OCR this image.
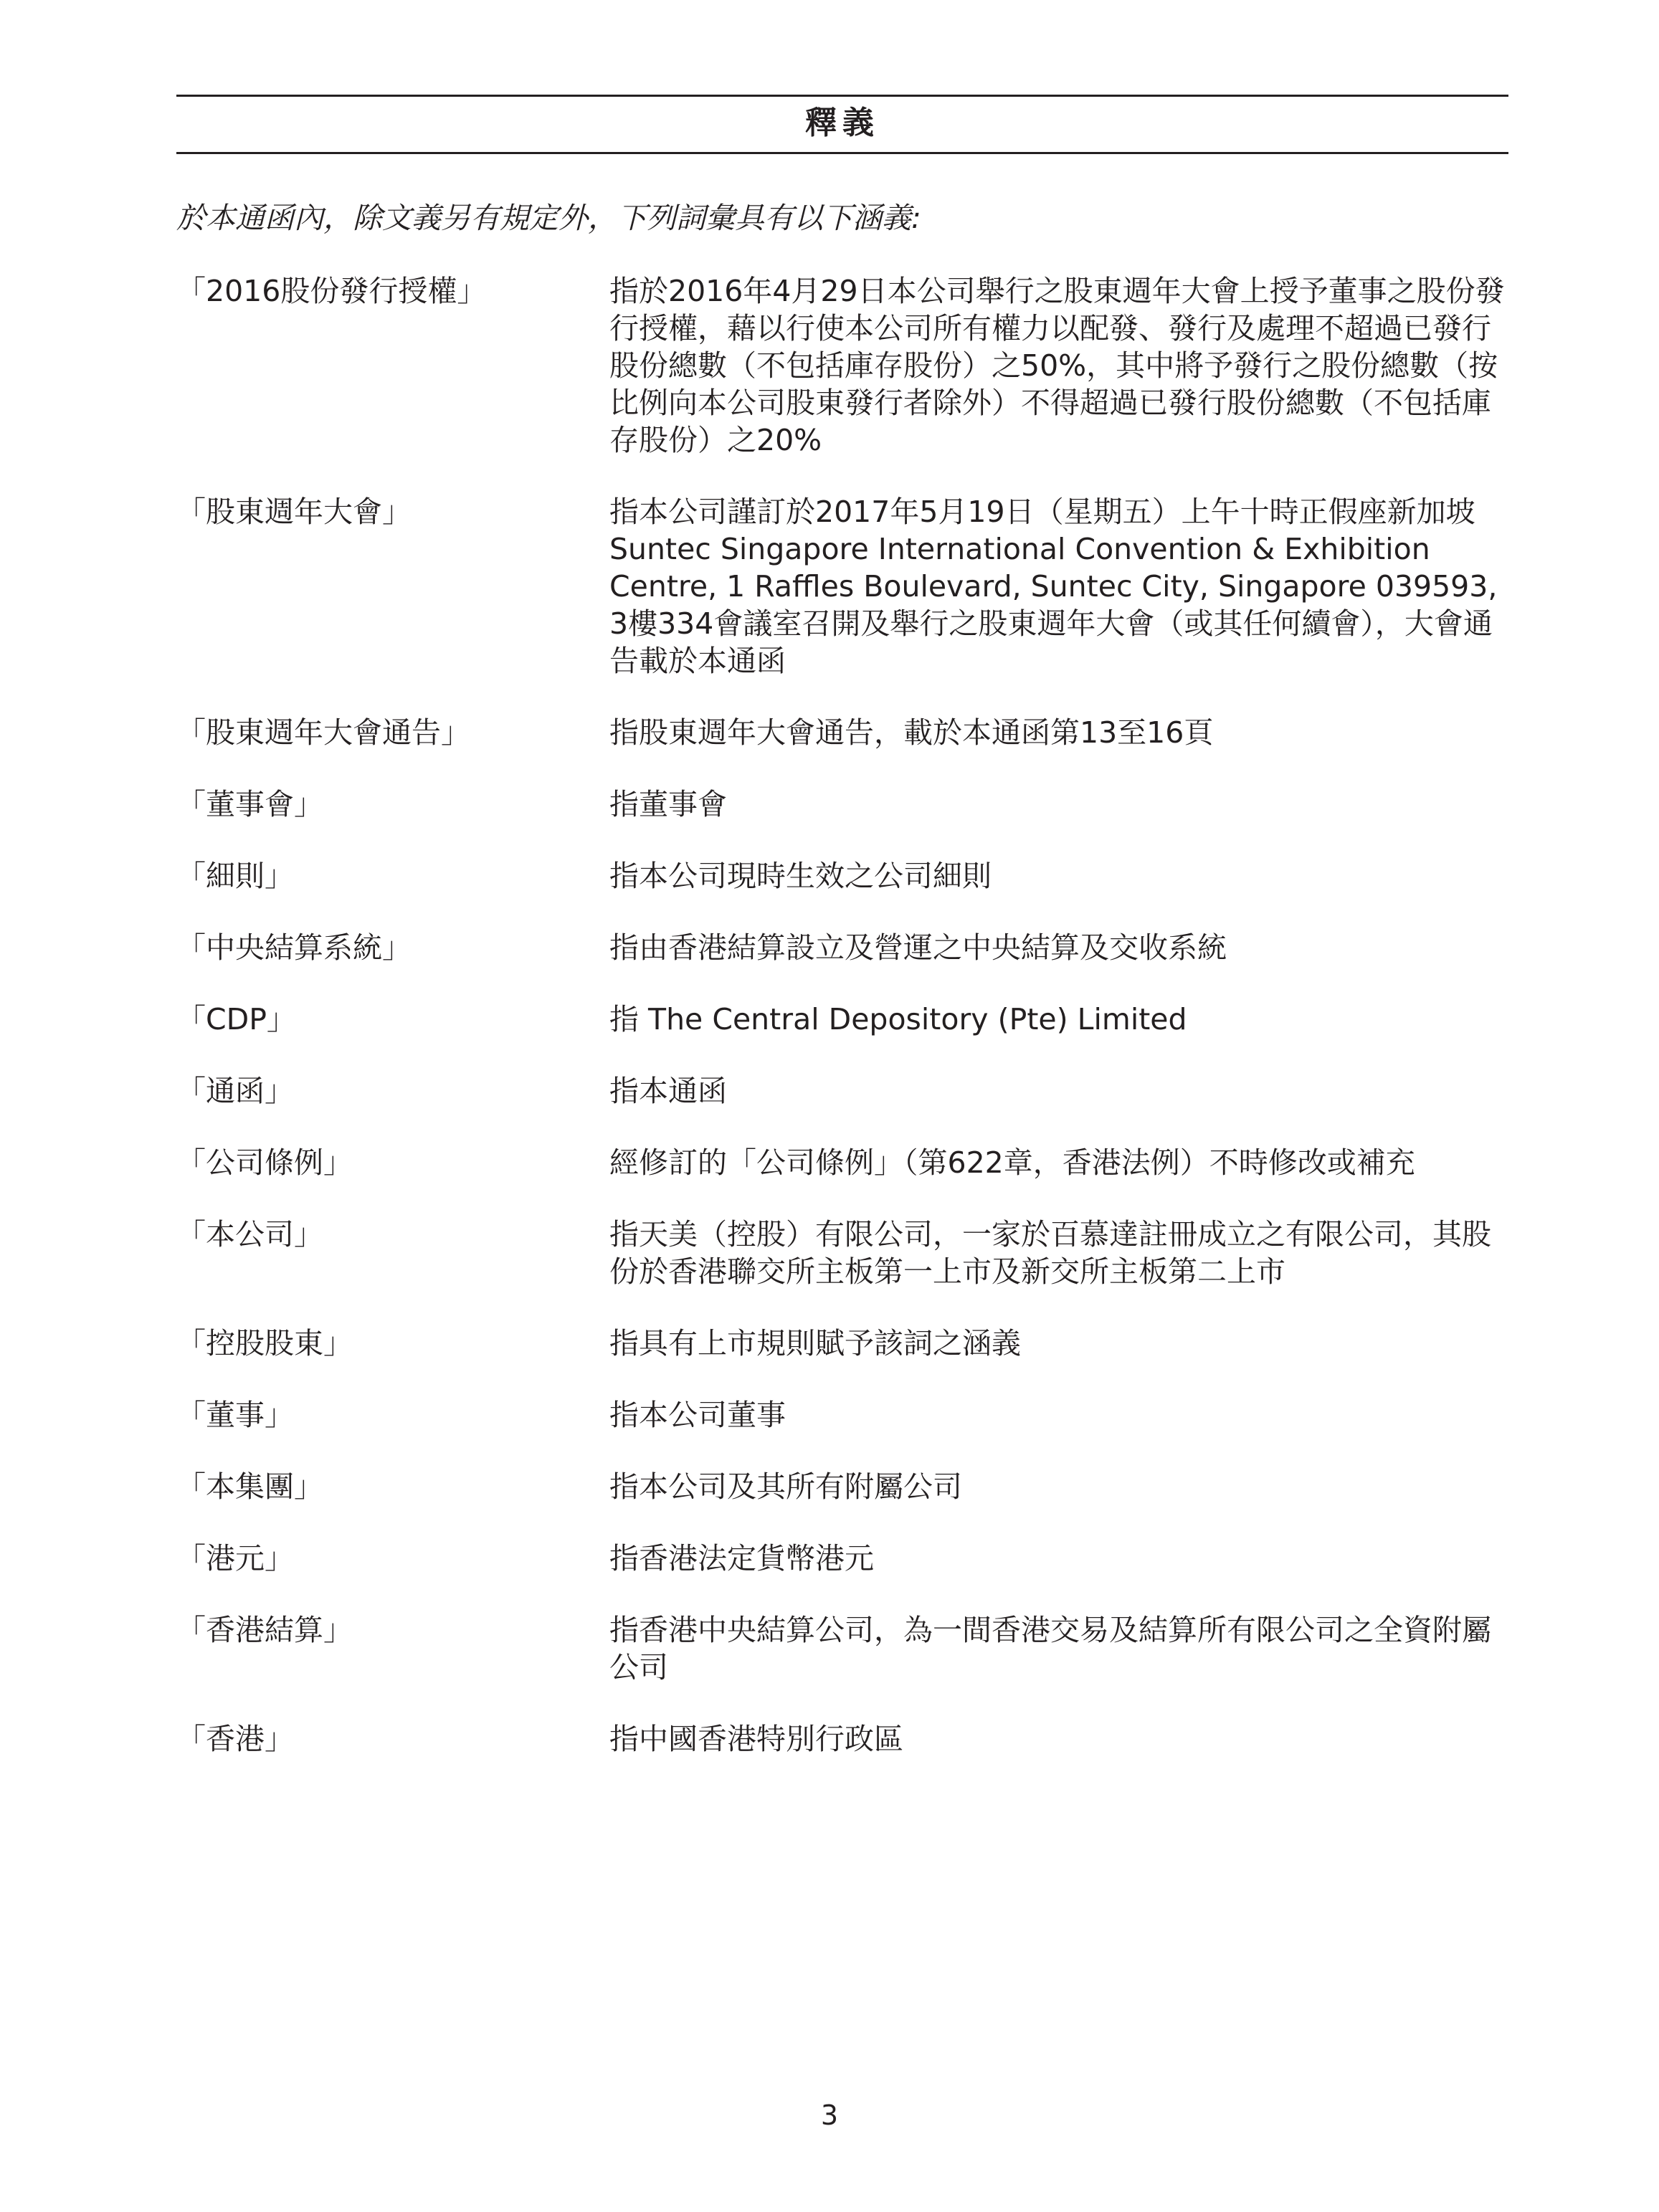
釋義
於本通函內，除文義另有規定外，下列詞彙具有以下涵義:
「2016股份發行授權」	指於2016年4月29日本公司舉行之股東週年大會上授予董事之股份發行授權，藉以行使本公司所有權力以配發、發行及處理不超過已發行股份總數（不包括庫存股份）之50%，其中將予發行之股份總數（按比例向本公司股東發行者除外）不得超過已發行股份總數（不包括庫存股份）之20%
「股東週年大會」	指本公司謹訂於2017年5月19日（星期五）上午十時正假座新加坡 Suntec Singapore International Convention & Exhibition Centre, 1 Raffles Boulevard, Suntec City, Singapore 039593, 3樓334會議室召開及舉行之股東週年大會（或其任何續會），大會通告載於本通函
「股東週年大會通告」	指股東週年大會通告，載於本通函第13至16頁
「董事會」	指董事會
「細則」	指本公司現時生效之公司細則
「中央結算系統」	指由香港結算設立及營運之中央結算及交收系統
「CDP」	指 The Central Depository (Pte) Limited
「通函」	指本通函
「公司條例」	經修訂的「公司條例」（第622章，香港法例）不時修改或補充
「本公司」	指天美（控股）有限公司，一家於百慕達註冊成立之有限公司，其股份於香港聯交所主板第一上市及新交所主板第二上市
「控股股東」	指具有上市規則賦予該詞之涵義
「董事」	指本公司董事
「本集團」	指本公司及其所有附屬公司
「港元」	指香港法定貨幣港元
「香港結算」	指香港中央結算公司，為一間香港交易及結算所有限公司之全資附屬公司
「香港」	指中國香港特別行政區
3
